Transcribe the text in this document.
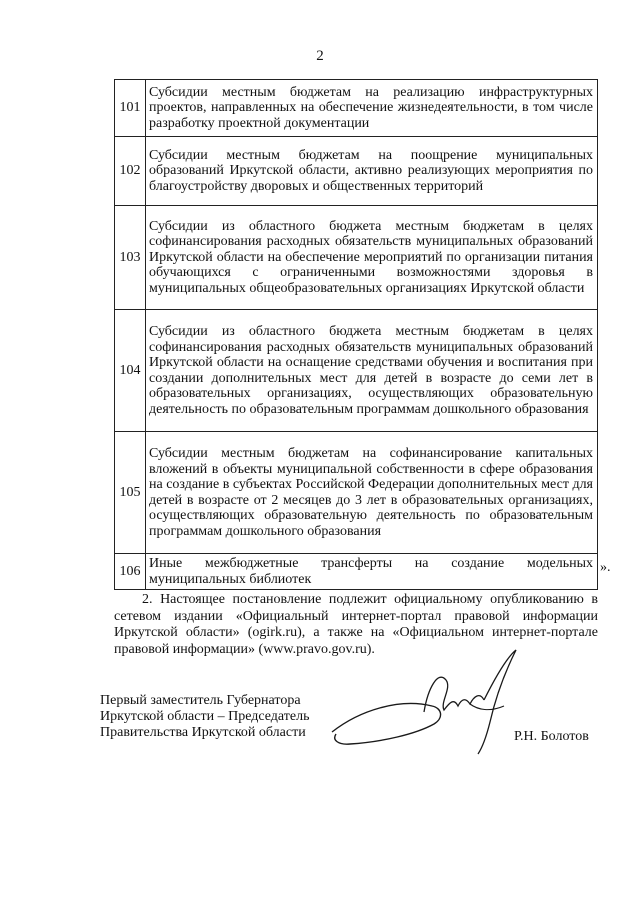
2
101	Субсидии местным бюджетам на реализацию инфраструктурных проектов, направленных на обеспечение жизнедеятельности, в том числе разработку проектной документации
102	Субсидии местным бюджетам на поощрение муниципальных образований Иркутской области, активно реализующих мероприятия по благоустройству дворовых и общественных территорий
103	Субсидии из областного бюджета местным бюджетам в целях софинансирования расходных обязательств муниципальных образований Иркутской области на обеспечение мероприятий по организации питания обучающихся с ограниченными возможностями здоровья в муниципальных общеобразовательных организациях Иркутской области
104	Субсидии из областного бюджета местным бюджетам в целях софинансирования расходных обязательств муниципальных образований Иркутской области на оснащение средствами обучения и воспитания при создании дополнительных мест для детей в возрасте до семи лет в образовательных организациях, осуществляющих образовательную деятельность по образовательным программам дошкольного образования
105	Субсидии местным бюджетам на софинансирование капитальных вложений в объекты муниципальной собственности в сфере образования на создание в субъектах Российской Федерации дополнительных мест для детей в возрасте от 2 месяцев до 3 лет в образовательных организациях, осуществляющих образовательную деятельность по образовательным программам дошкольного образования
106	Иные межбюджетные трансферты на создание модельных муниципальных библиотек
».

2. Настоящее постановление подлежит официальному опубликованию в сетевом издании «Официальный интернет-портал правовой информации Иркутской области» (ogirk.ru), а также на «Официальном интернет-портале правовой информации» (www.pravo.gov.ru).

Первый заместитель Губернатора
Иркутской области – Председатель
Правительства Иркутской области	Р.Н. Болотов
